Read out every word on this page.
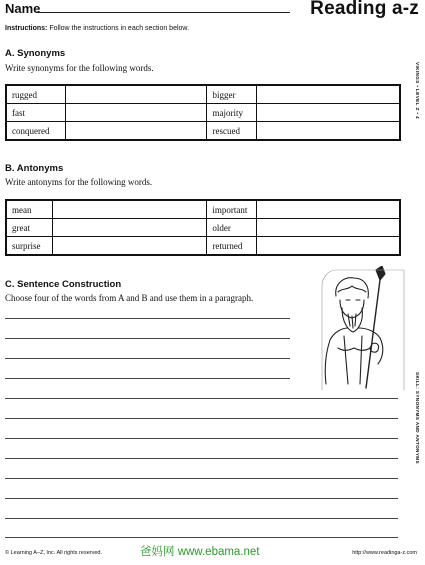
Name	Reading a-z
Instructions: Follow the instructions in each section below.
A. Synonyms
Write synonyms for the following words.
rugged		bigger	
fast		majority	
conquered		rescued	
B. Antonyms
Write antonyms for the following words.
mean		important	
great		older	
surprise		returned	
C. Sentence Construction
Choose four of the words from A and B and use them in a paragraph.
VIKINGS • LEVEL Z • 4
SKILL: SYNONYMS AND ANTONYMS
© Learning A–Z, Inc. All rights reserved.	爸妈网 www.ebama.net	http://www.readinga-z.com
